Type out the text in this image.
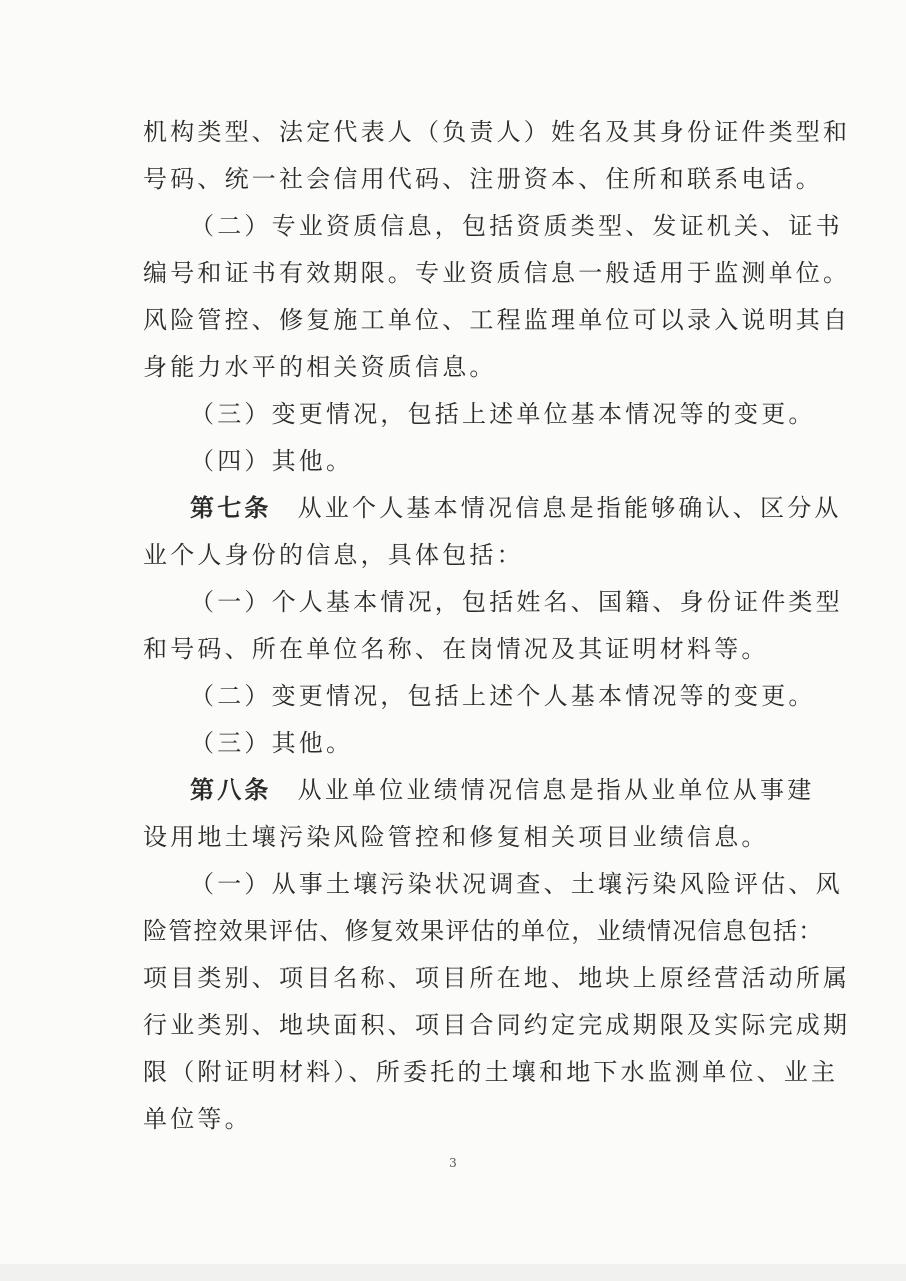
机构类型、法定代表人（负责人）姓名及其身份证件类型和
号码、统一社会信用代码、注册资本、住所和联系电话。
（二）专业资质信息，包括资质类型、发证机关、证书
编号和证书有效期限。专业资质信息一般适用于监测单位。
风险管控、修复施工单位、工程监理单位可以录入说明其自
身能力水平的相关资质信息。
（三）变更情况，包括上述单位基本情况等的变更。
（四）其他。
第七条 从业个人基本情况信息是指能够确认、区分从
业个人身份的信息，具体包括：
（一）个人基本情况，包括姓名、国籍、身份证件类型
和号码、所在单位名称、在岗情况及其证明材料等。
（二）变更情况，包括上述个人基本情况等的变更。
（三）其他。
第八条 从业单位业绩情况信息是指从业单位从事建
设用地土壤污染风险管控和修复相关项目业绩信息。
（一）从事土壤污染状况调查、土壤污染风险评估、风
险管控效果评估、修复效果评估的单位，业绩情况信息包括：
项目类别、项目名称、项目所在地、地块上原经营活动所属
行业类别、地块面积、项目合同约定完成期限及实际完成期
限（附证明材料）、所委托的土壤和地下水监测单位、业主
单位等。
3
